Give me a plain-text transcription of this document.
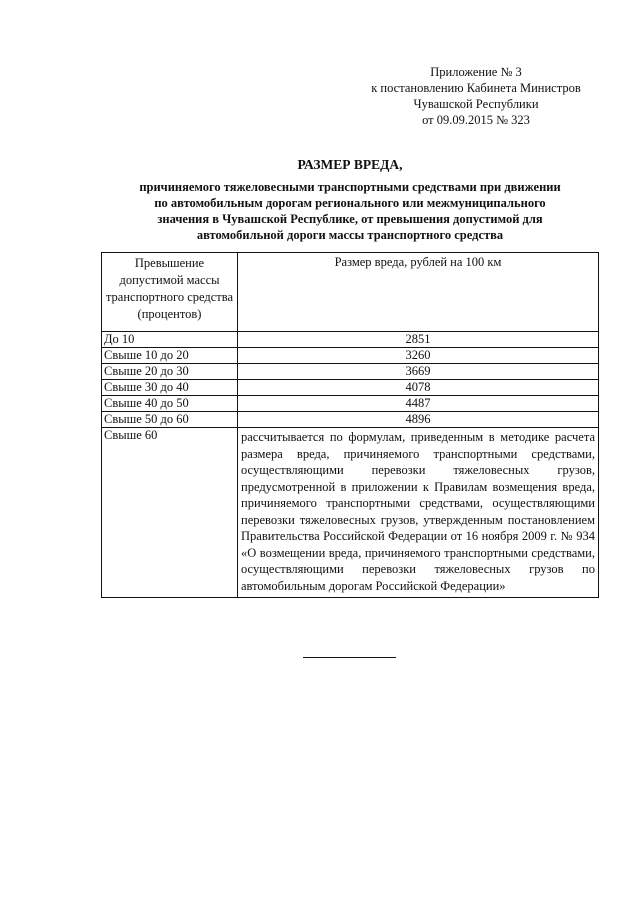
Приложение № 3
к постановлению Кабинета Министров
Чувашской Республики
от 09.09.2015 № 323
РАЗМЕР ВРЕДА,
причиняемого тяжеловесными транспортными средствами при движении
по автомобильным дорогам регионального или межмуниципального
значения в Чувашской Республике, от превышения допустимой для
автомобильной дороги массы транспортного средства
Превышение допустимой массы транспортного средства (процентов)	Размер вреда, рублей на 100 км
До 10	2851
Свыше 10 до 20	3260
Свыше 20 до 30	3669
Свыше 30 до 40	4078
Свыше 40 до 50	4487
Свыше 50 до 60	4896
Свыше 60	рассчитывается по формулам, приведенным в методике расчета размера вреда, причиняемого транспортными средствами, осуществляющими перевозки тяжеловесных грузов, предусмотренной в приложении к Правилам возмещения вреда, причиняемого транспортными средствами, осуществляющими перевозки тяжеловесных грузов, утвержденным постановлением Правительства Российской Федерации от 16 ноября 2009 г. № 934 «О возмещении вреда, причиняемого транспортными средствами, осуществляющими перевозки тяжеловесных грузов по автомобильным дорогам Российской Федерации»
